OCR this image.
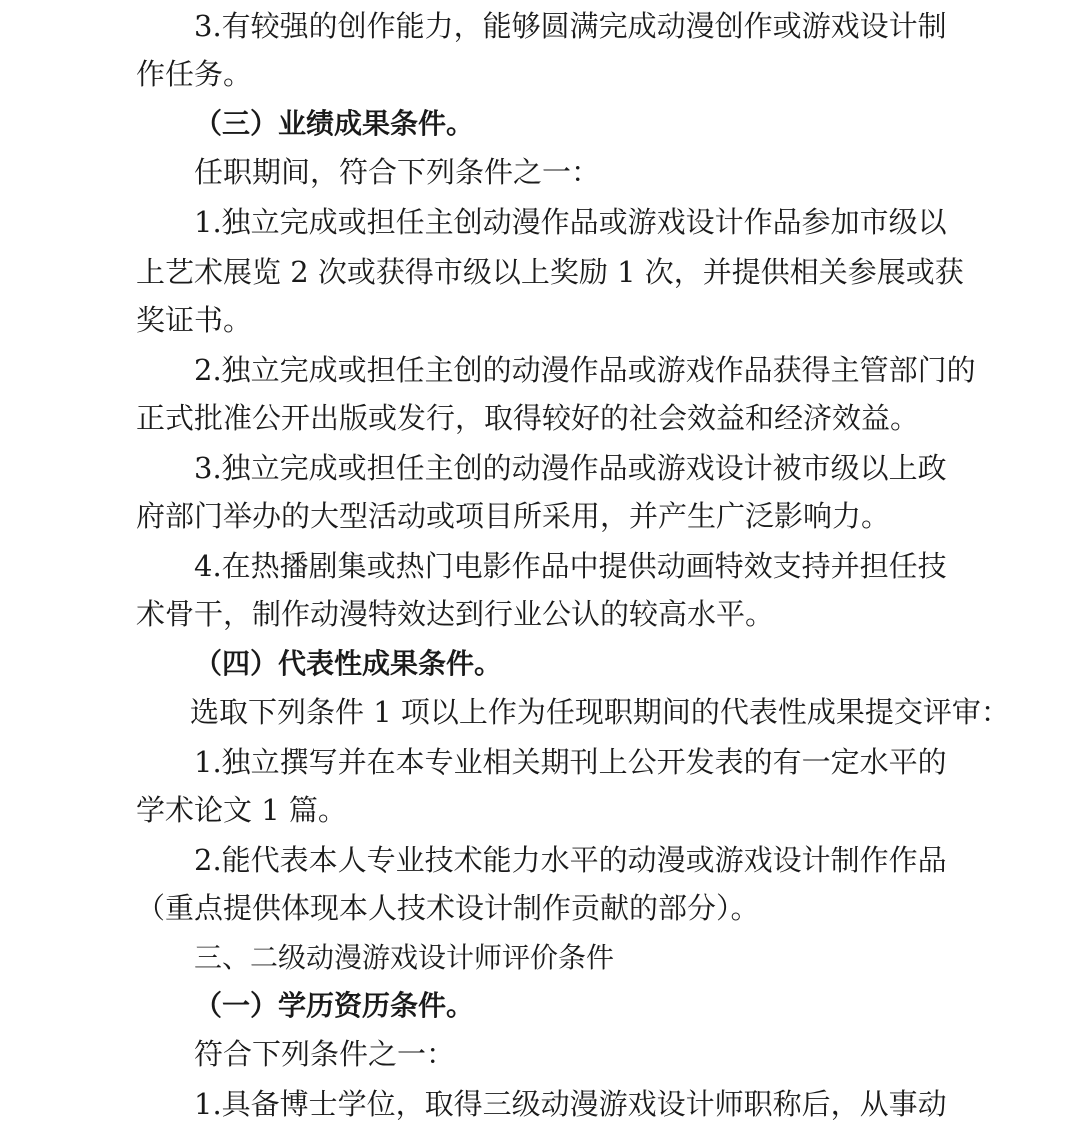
3.有较强的创作能力，能够圆满完成动漫创作或游戏设计制
作任务。
（三）业绩成果条件。
任职期间，符合下列条件之一：
1.独立完成或担任主创动漫作品或游戏设计作品参加市级以
上艺术展览 2 次或获得市级以上奖励 1 次，并提供相关参展或获
奖证书。
2.独立完成或担任主创的动漫作品或游戏作品获得主管部门的
正式批准公开出版或发行，取得较好的社会效益和经济效益。
3.独立完成或担任主创的动漫作品或游戏设计被市级以上政
府部门举办的大型活动或项目所采用，并产生广泛影响力。
4.在热播剧集或热门电影作品中提供动画特效支持并担任技
术骨干，制作动漫特效达到行业公认的较高水平。
（四）代表性成果条件。
选取下列条件 1 项以上作为任现职期间的代表性成果提交评审：
1.独立撰写并在本专业相关期刊上公开发表的有一定水平的
学术论文 1 篇。
2.能代表本人专业技术能力水平的动漫或游戏设计制作作品
（重点提供体现本人技术设计制作贡献的部分）。
三、二级动漫游戏设计师评价条件
（一）学历资历条件。
符合下列条件之一：
1.具备博士学位，取得三级动漫游戏设计师职称后，从事动
